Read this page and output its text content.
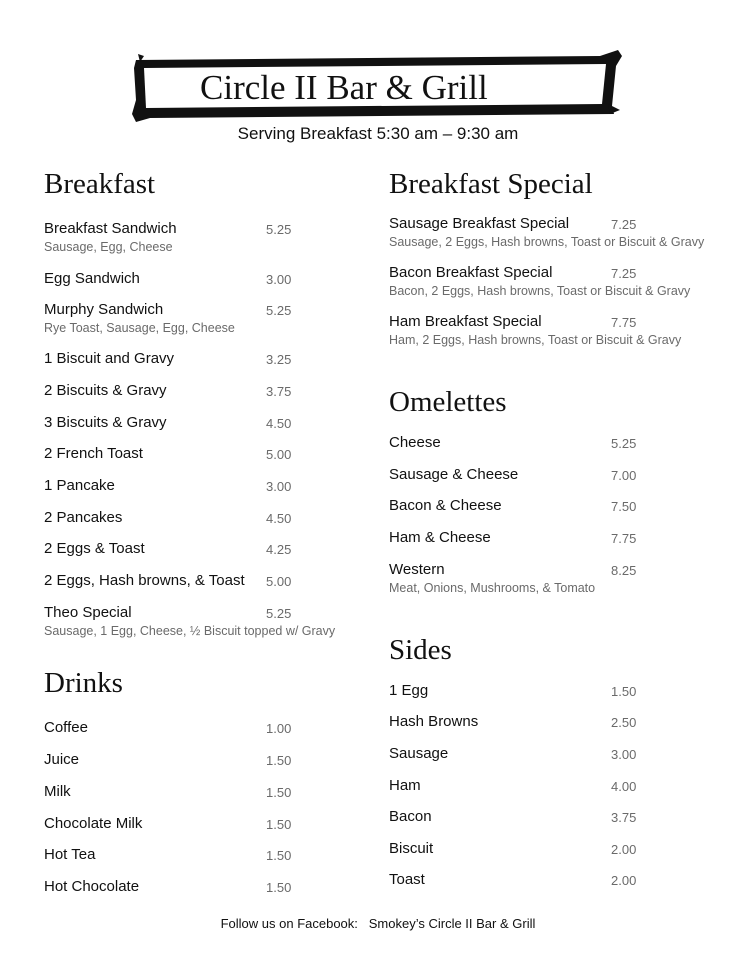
Circle II Bar & Grill
Serving Breakfast 5:30 am – 9:30 am
Breakfast
Breakfast Sandwich	5.25
Sausage, Egg, Cheese
Egg Sandwich	3.00
Murphy Sandwich	5.25
Rye Toast, Sausage, Egg, Cheese
1 Biscuit and Gravy	3.25
2 Biscuits & Gravy	3.75
3 Biscuits & Gravy	4.50
2 French Toast	5.00
1 Pancake	3.00
2 Pancakes	4.50
2 Eggs & Toast	4.25
2 Eggs, Hash browns, & Toast 5.00
Theo Special	5.25
Sausage, 1 Egg, Cheese, ½ Biscuit topped w/ Gravy
Drinks
Coffee	1.00
Juice	1.50
Milk	1.50
Chocolate Milk	1.50
Hot Tea	1.50
Hot Chocolate	1.50
Breakfast Special
Sausage Breakfast Special	7.25
Sausage, 2 Eggs, Hash browns, Toast or Biscuit & Gravy
Bacon Breakfast Special	7.25
Bacon, 2 Eggs, Hash browns, Toast or Biscuit & Gravy
Ham Breakfast Special	7.75
Ham, 2 Eggs, Hash browns, Toast or Biscuit & Gravy
Omelettes
Cheese	5.25
Sausage & Cheese	7.00
Bacon & Cheese	7.50
Ham & Cheese	7.75
Western	8.25
Meat, Onions, Mushrooms, & Tomato
Sides
1 Egg	1.50
Hash Browns	2.50
Sausage	3.00
Ham	4.00
Bacon	3.75
Biscuit	2.00
Toast	2.00
Follow us on Facebook:   Smokey’s Circle II Bar & Grill
